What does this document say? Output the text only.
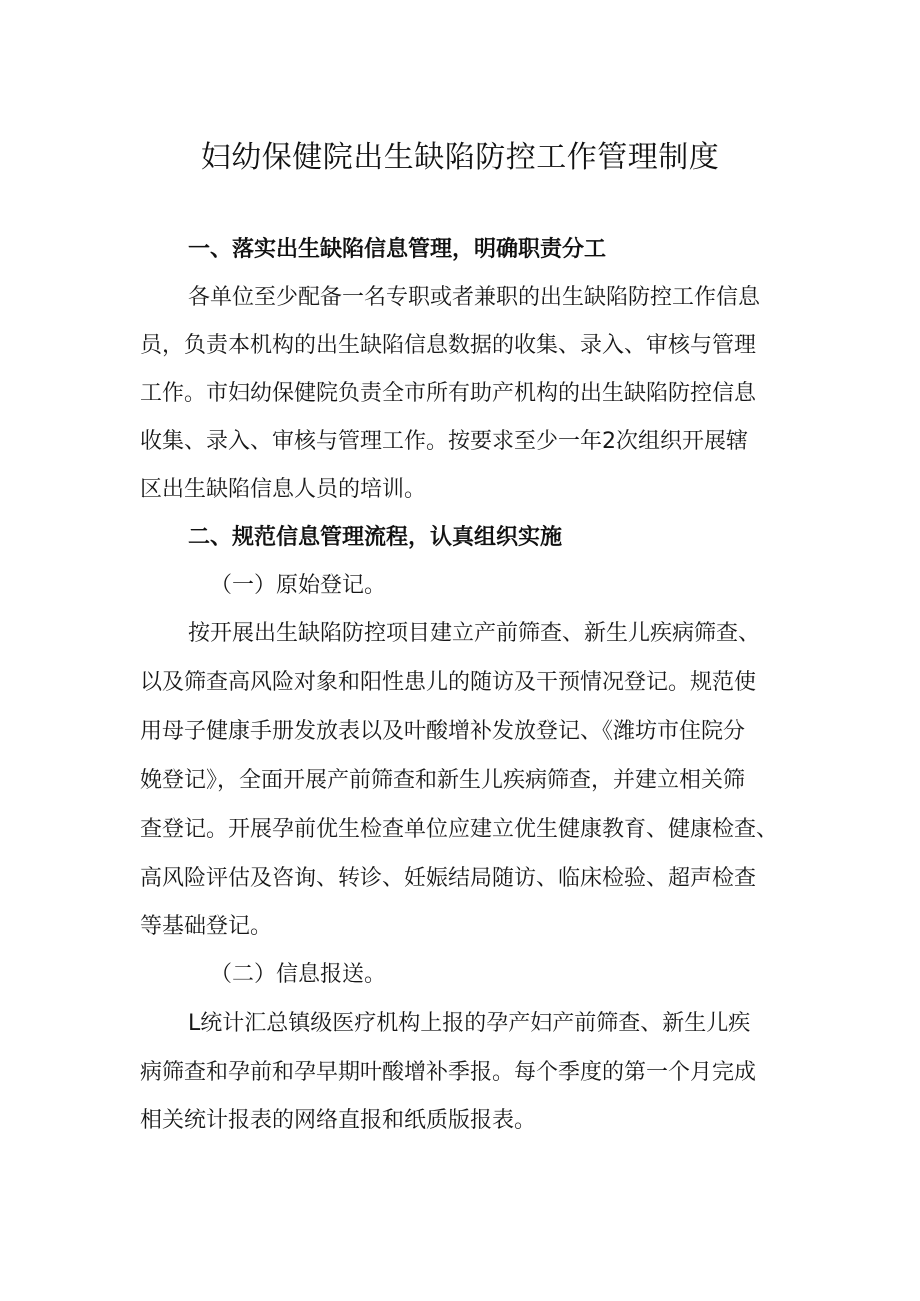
妇幼保健院出生缺陷防控工作管理制度
一、落实出生缺陷信息管理，明确职责分工
各单位至少配备一名专职或者兼职的出生缺陷防控工作信息
员，负责本机构的出生缺陷信息数据的收集、录入、审核与管理
工作。市妇幼保健院负责全市所有助产机构的出生缺陷防控信息
收集、录入、审核与管理工作。按要求至少一年2次组织开展辖
区出生缺陷信息人员的培训。
二、规范信息管理流程，认真组织实施
（一）原始登记。
按开展出生缺陷防控项目建立产前筛查、新生儿疾病筛查、
以及筛查高风险对象和阳性患儿的随访及干预情况登记。规范使
用母子健康手册发放表以及叶酸增补发放登记、《潍坊市住院分
娩登记》，全面开展产前筛查和新生儿疾病筛查，并建立相关筛
查登记。开展孕前优生检查单位应建立优生健康教育、健康检查、
高风险评估及咨询、转诊、妊娠结局随访、临床检验、超声检查
等基础登记。
（二）信息报送。
L统计汇总镇级医疗机构上报的孕产妇产前筛查、新生儿疾
病筛查和孕前和孕早期叶酸增补季报。每个季度的第一个月完成
相关统计报表的网络直报和纸质版报表。
